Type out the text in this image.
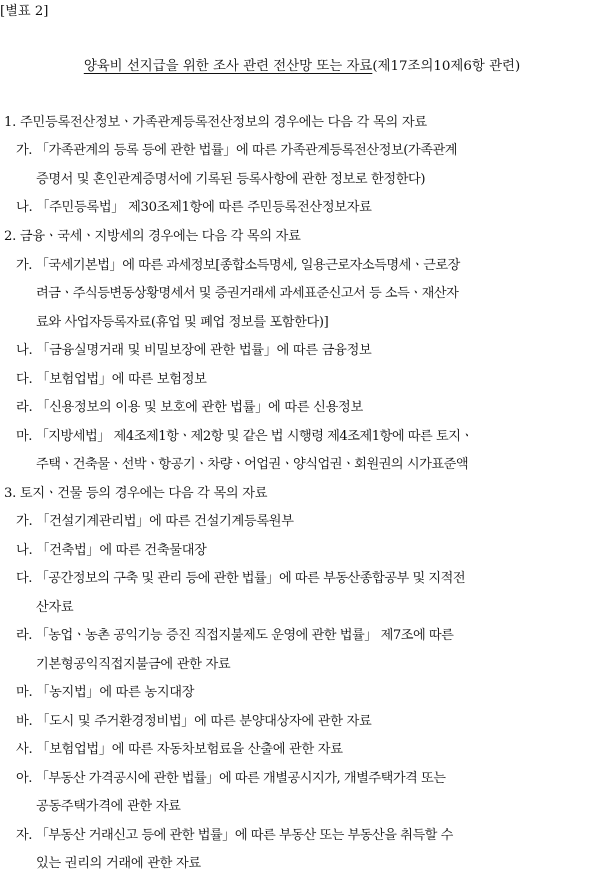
[별표 2]
양육비 선지급을 위한 조사 관련 전산망 또는 자료(제17조의10제6항 관련)
1. 주민등록전산정보ㆍ가족관계등록전산정보의 경우에는 다음 각 목의 자료
가. 「가족관계의 등록 등에 관한 법률」에 따른 가족관계등록전산정보(가족관계
증명서 및 혼인관계증명서에 기록된 등록사항에 관한 정보로 한정한다)
나. 「주민등록법」 제30조제1항에 따른 주민등록전산정보자료
2. 금융ㆍ국세ㆍ지방세의 경우에는 다음 각 목의 자료
가. 「국세기본법」에 따른 과세정보[종합소득명세, 일용근로자소득명세ㆍ근로장
려금ㆍ주식등변동상황명세서 및 증권거래세 과세표준신고서 등 소득ㆍ재산자
료와 사업자등록자료(휴업 및 폐업 정보를 포함한다)]
나. 「금융실명거래 및 비밀보장에 관한 법률」에 따른 금융정보
다. 「보험업법」에 따른 보험정보
라. 「신용정보의 이용 및 보호에 관한 법률」에 따른 신용정보
마. 「지방세법」 제4조제1항ㆍ제2항 및 같은 법 시행령 제4조제1항에 따른 토지ㆍ
주택ㆍ건축물ㆍ선박ㆍ항공기ㆍ차량ㆍ어업권ㆍ양식업권ㆍ회원권의 시가표준액
3. 토지ㆍ건물 등의 경우에는 다음 각 목의 자료
가. 「건설기계관리법」에 따른 건설기계등록원부
나. 「건축법」에 따른 건축물대장
다. 「공간정보의 구축 및 관리 등에 관한 법률」에 따른 부동산종합공부 및 지적전
산자료
라. 「농업ㆍ농촌 공익기능 증진 직접지불제도 운영에 관한 법률」 제7조에 따른
기본형공익직접지불금에 관한 자료
마. 「농지법」에 따른 농지대장
바. 「도시 및 주거환경정비법」에 따른 분양대상자에 관한 자료
사. 「보험업법」에 따른 자동차보험료을 산출에 관한 자료
아. 「부동산 가격공시에 관한 법률」에 따른 개별공시지가, 개별주택가격 또는
공동주택가격에 관한 자료
자. 「부동산 거래신고 등에 관한 법률」에 따른 부동산 또는 부동산을 취득할 수
있는 권리의 거래에 관한 자료
